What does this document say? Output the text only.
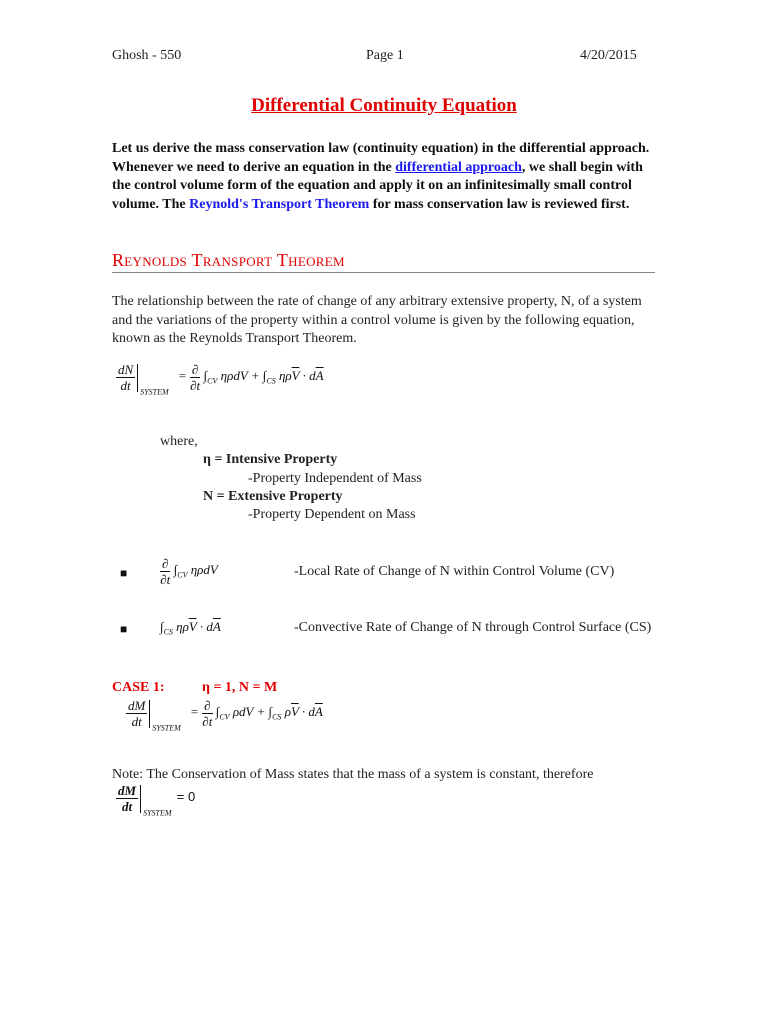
Ghosh - 550	Page 1	4/20/2015
Differential Continuity Equation
Let us derive the mass conservation law (continuity equation) in the differential approach. Whenever we need to derive an equation in the differential approach, we shall begin with the control volume form of the equation and apply it on an infinitesimally small control volume. The Reynold's Transport Theorem for mass conservation law is reviewed first.
Reynolds Transport Theorem
The relationship between the rate of change of any arbitrary extensive property, N, of a system and the variations of the property within a control volume is given by the following equation, known as the Reynolds Transport Theorem.
$\frac{dN}{dt} _{SYSTEM} = \frac{\partial}{\partial t} \int_{CV}$ $\eta\rho dV + \int_{CS}$ $\eta\rho\overline{V} \cdot d\overline{A}$
where,
η = Intensive Property
-Property Independent of Mass
N = Extensive Property
-Property Dependent on Mass
■	$\frac{\partial}{\partial t} \int_{CV}$ ηρdV	-Local Rate of Change of N within Control Volume (CV)
■	$\int_{CS}$ $\eta\rho\overline{V} \cdot d\overline{A}$	-Convective Rate of Change of N through Control Surface (CS)
CASE 1:	η = 1, N = M
$\frac{dM}{dt} _{SYSTEM} = \frac{\partial}{\partial t} \int_{CV}$ $\rho dV + \int_{CS}$ $\rho\overline{V} \cdot d\overline{A}$
Note: The Conservation of Mass states that the mass of a system is constant, therefore
$\frac{dM}{dt} _{SYSTEM} = 0$
